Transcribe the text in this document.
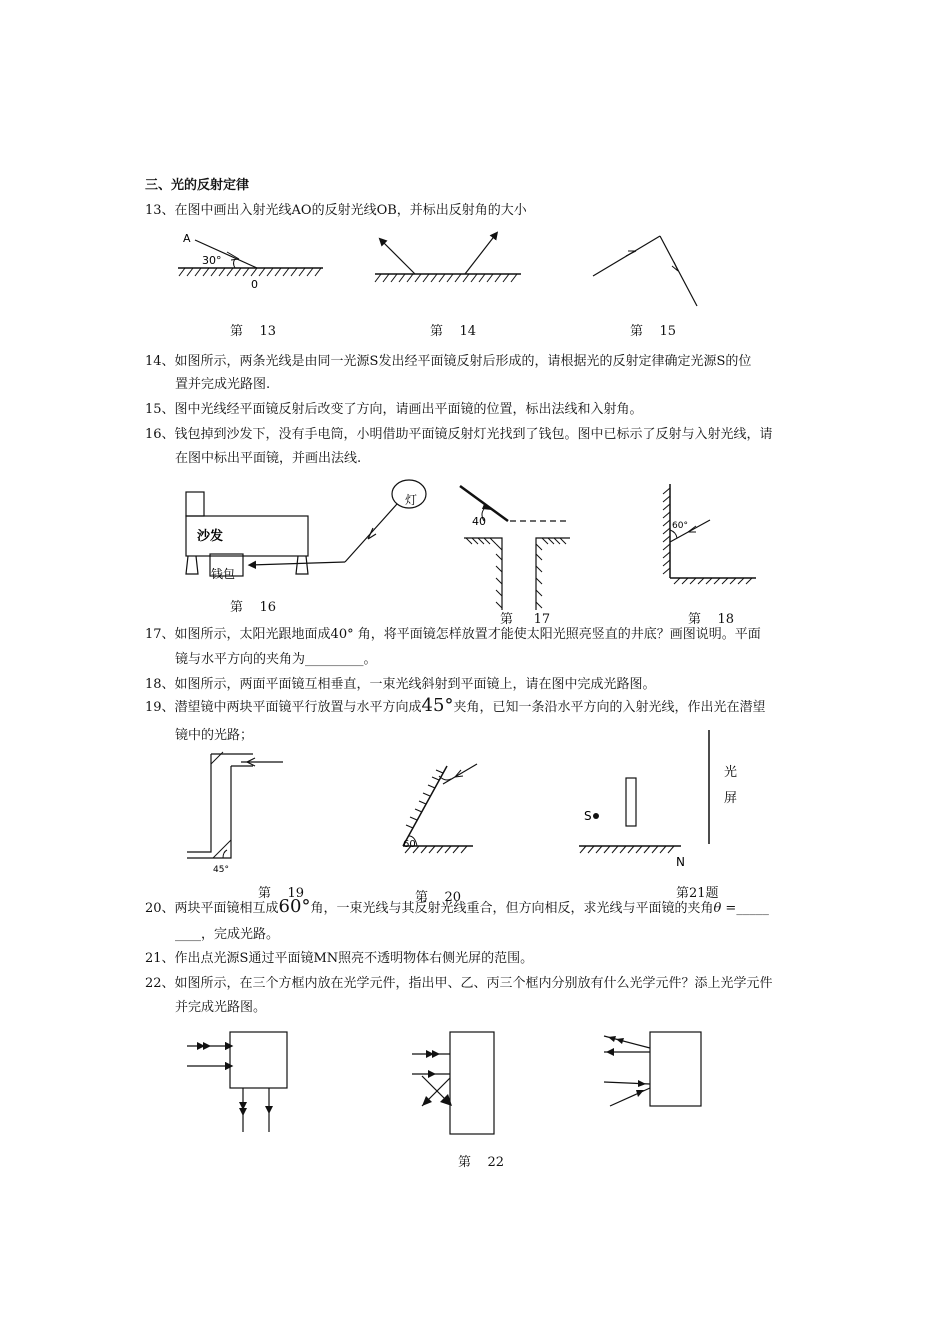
三、光的反射定律
13、在图中画出入射光线AO的反射光线OB，并标出反射角的大小
14、如图所示，两条光线是由同一光源S发出经平面镜反射后形成的，请根据光的反射定律确定光源S的位
置并完成光路图.
15、图中光线经平面镜反射后改变了方向，请画出平面镜的位置，标出法线和入射角。
16、钱包掉到沙发下，没有手电筒，小明借助平面镜反射灯光找到了钱包。图中已标示了反射与入射光线，请
在图中标出平面镜，并画出法线.
17、如图所示，太阳光跟地面成40° 角，将平面镜怎样放置才能使太阳光照亮竖直的井底？画图说明。平面
镜与水平方向的夹角为_________。
18、如图所示，两面平面镜互相垂直，一束光线斜射到平面镜上，请在图中完成光路图。
19、潜望镜中两块平面镜平行放置与水平方向成45°夹角，已知一条沿水平方向的入射光线，作出光在潜望
镜中的光路；
20、两块平面镜相互成60°角，一束光线与其反射光线重合，但方向相反，求光线与平面镜的夹角θ =_____
____，完成光路。
21、作出点光源S通过平面镜MN照亮不透明物体右侧光屏的范围。
22、如图所示，在三个方框内放在光学元件，指出甲、乙、丙三个框内分别放有什么光学元件？添上光学元件
并完成光路图。
第    13	第    14	第    15
第    16
第     17	第    18
第    19	第    20	第21题
第    22
A
30°
0
沙发
钱包
灯
40	60°
45°
60
S
N
光
屏
